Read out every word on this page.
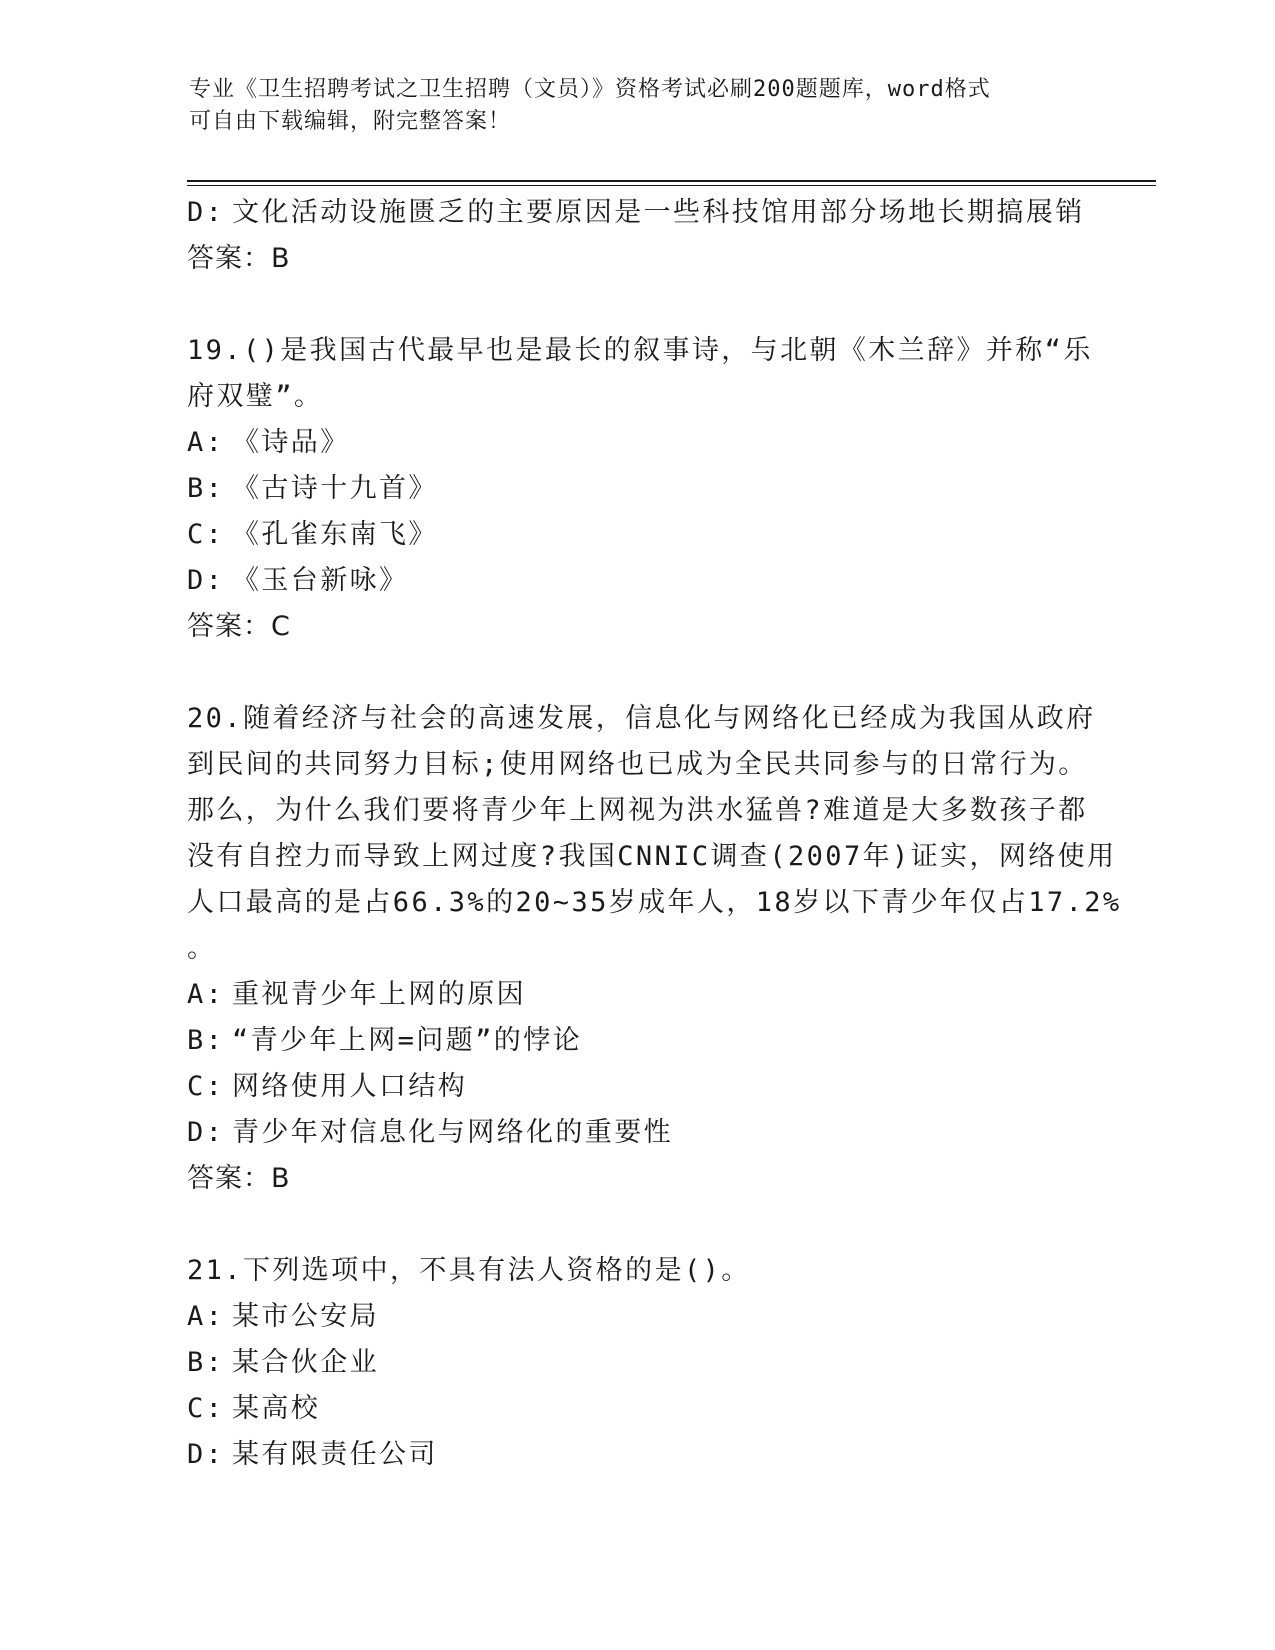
专业《卫生招聘考试之卫生招聘（文员）》资格考试必刷200题题库，word格式
可自由下载编辑，附完整答案！
D: 文化活动设施匮乏的主要原因是一些科技馆用部分场地长期搞展销
答案：B
19.()是我国古代最早也是最长的叙事诗，与北朝《木兰辞》并称“乐
府双璧”。
A: 《诗品》
B: 《古诗十九首》
C: 《孔雀东南飞》
D: 《玉台新咏》
答案：C
20.随着经济与社会的高速发展，信息化与网络化已经成为我国从政府
到民间的共同努力目标;使用网络也已成为全民共同参与的日常行为。
那么，为什么我们要将青少年上网视为洪水猛兽?难道是大多数孩子都
没有自控力而导致上网过度?我国CNNIC调查(2007年)证实，网络使用
人口最高的是占66.3%的20~35岁成年人，18岁以下青少年仅占17.2%
。
A: 重视青少年上网的原因
B: “青少年上网=问题”的悖论
C: 网络使用人口结构
D: 青少年对信息化与网络化的重要性
答案：B
21.下列选项中，不具有法人资格的是()。
A: 某市公安局
B: 某合伙企业
C: 某高校
D: 某有限责任公司
